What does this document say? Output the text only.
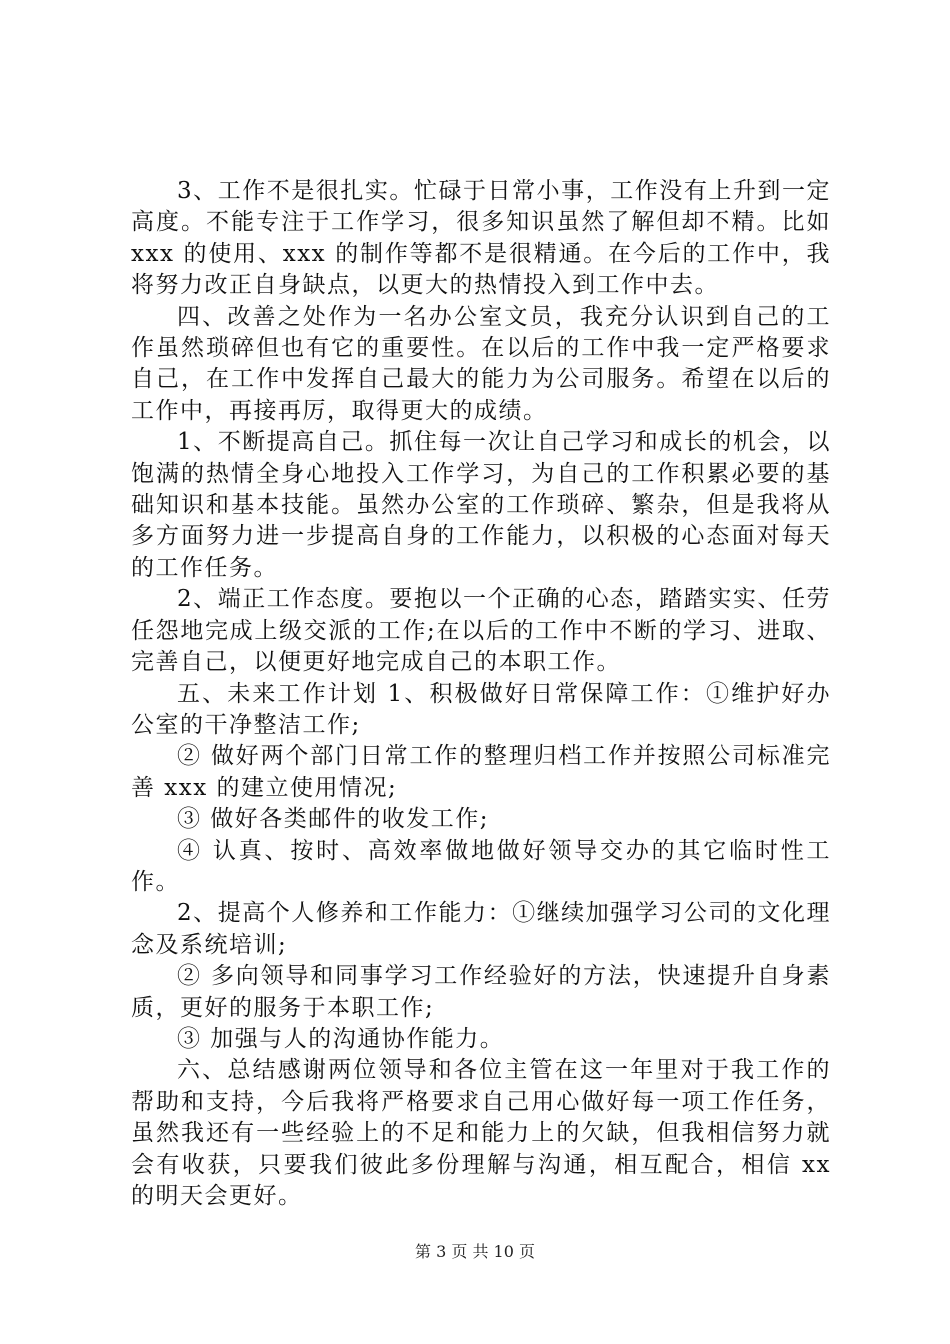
3、工作不是很扎实。忙碌于日常小事，工作没有上升到一定高度。不能专注于工作学习，很多知识虽然了解但却不精。比如 xxx 的使用、xxx 的制作等都不是很精通。在今后的工作中，我将努力改正自身缺点，以更大的热情投入到工作中去。

四、改善之处作为一名办公室文员，我充分认识到自己的工作虽然琐碎但也有它的重要性。在以后的工作中我一定严格要求自己，在工作中发挥自己最大的能力为公司服务。希望在以后的工作中，再接再厉，取得更大的成绩。

1、不断提高自己。抓住每一次让自己学习和成长的机会，以饱满的热情全身心地投入工作学习，为自己的工作积累必要的基础知识和基本技能。虽然办公室的工作琐碎、繁杂，但是我将从多方面努力进一步提高自身的工作能力，以积极的心态面对每天的工作任务。

2、端正工作态度。要抱以一个正确的心态，踏踏实实、任劳任怨地完成上级交派的工作;在以后的工作中不断的学习、进取、完善自己，以便更好地完成自己的本职工作。

五、未来工作计划 1、积极做好日常保障工作：①维护好办公室的干净整洁工作;

② 做好两个部门日常工作的整理归档工作并按照公司标准完善 xxx 的建立使用情况;

③ 做好各类邮件的收发工作;

④ 认真、按时、高效率做地做好领导交办的其它临时性工作。

2、提高个人修养和工作能力：①继续加强学习公司的文化理念及系统培训;

② 多向领导和同事学习工作经验好的方法，快速提升自身素质，更好的服务于本职工作;

③ 加强与人的沟通协作能力。

六、总结感谢两位领导和各位主管在这一年里对于我工作的帮助和支持，今后我将严格要求自己用心做好每一项工作任务，虽然我还有一些经验上的不足和能力上的欠缺，但我相信努力就会有收获，只要我们彼此多份理解与沟通，相互配合，相信 xx 的明天会更好。

第 3 页 共 10 页
